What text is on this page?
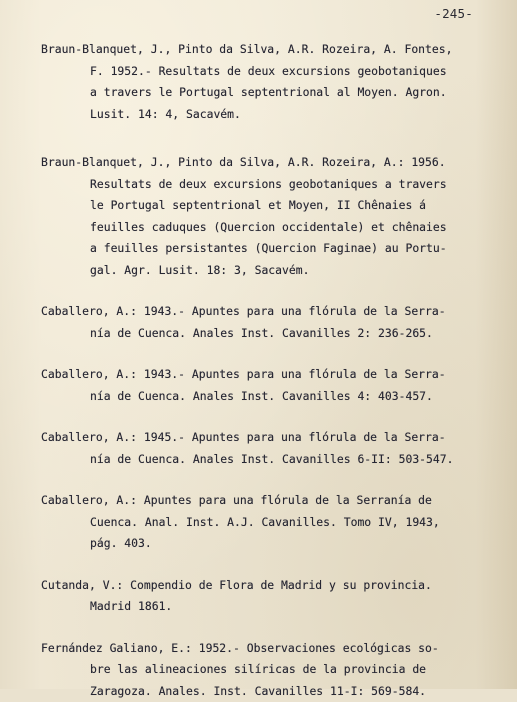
-245-
Braun-Blanquet, J., Pinto da Silva, A.R. Rozeira, A. Fontes,
F. 1952.- Resultats de deux excursions geobotaniques
a travers le Portugal septentrional al Moyen. Agron.
Lusit. 14: 4, Sacavém.
Braun-Blanquet, J., Pinto da Silva, A.R. Rozeira, A.: 1956.
Resultats de deux excursions geobotaniques a travers
le Portugal septentrional et Moyen, II Chênaies á
feuilles caduques (Quercion occidentale) et chênaies
a feuilles persistantes (Quercion Faginae) au Portu-
gal. Agr. Lusit. 18: 3, Sacavém.
Caballero, A.: 1943.- Apuntes para una flórula de la Serra-
nía de Cuenca. Anales Inst. Cavanilles 2: 236-265.
Caballero, A.: 1943.- Apuntes para una flórula de la Serra-
nía de Cuenca. Anales Inst. Cavanilles 4: 403-457.
Caballero, A.: 1945.- Apuntes para una flórula de la Serra-
nía de Cuenca. Anales Inst. Cavanilles 6-II: 503-547.
Caballero, A.: Apuntes para una flórula de la Serranía de
Cuenca. Anal. Inst. A.J. Cavanilles. Tomo IV, 1943,
pág. 403.
Cutanda, V.: Compendio de Flora de Madrid y su provincia.
Madrid 1861.
Fernández Galiano, E.: 1952.- Observaciones ecológicas so-
bre las alineaciones silíricas de la provincia de
Zaragoza. Anales. Inst. Cavanilles 11-I: 569-584.
